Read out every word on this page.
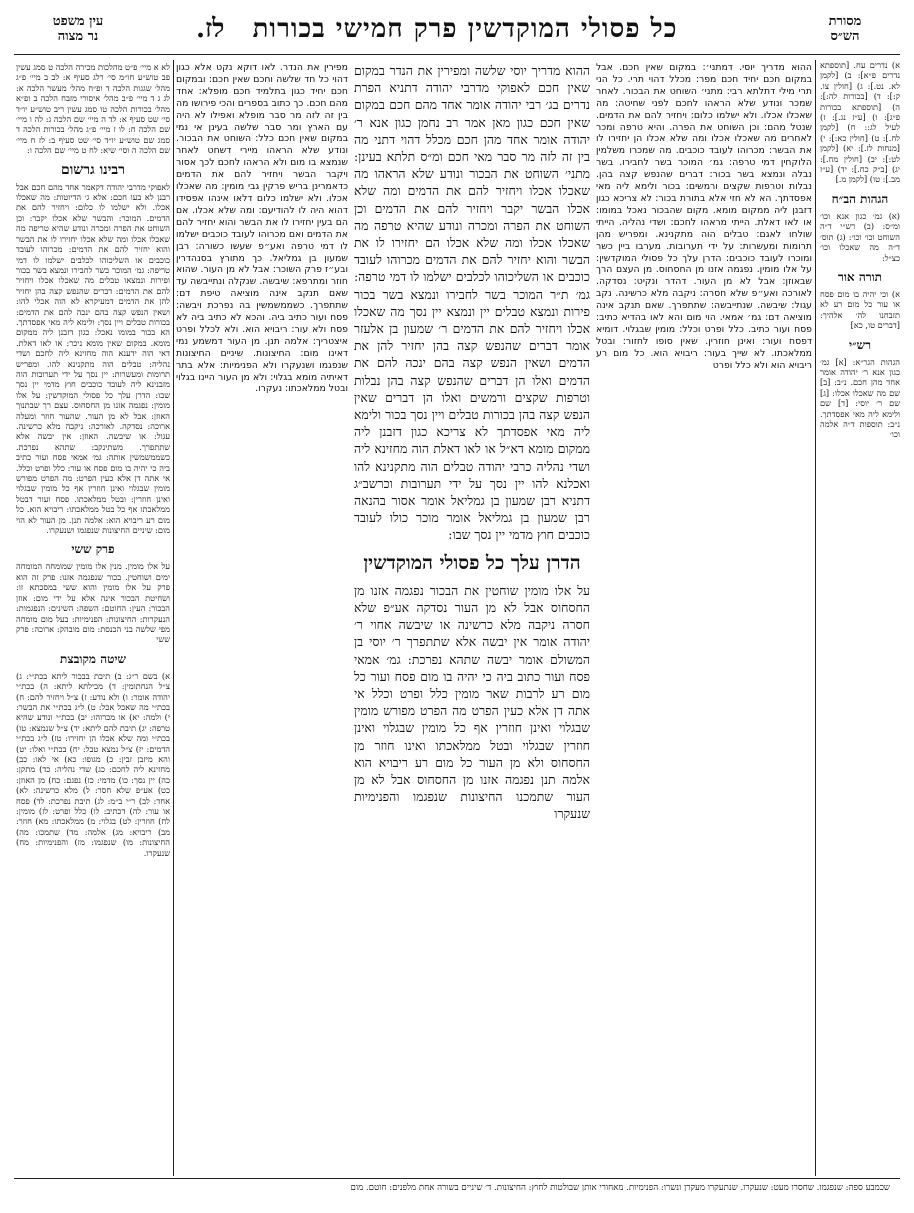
עין משפט
נר מצוה	לז.	כל פסולי המוקדשין פרק חמישי בכורות	מסורת
הש״ס

א) נדרים עח. [תוספתא נדרים פ״א]: ב) [לקמן לא. נט.]: ג) [חולין צו. ק:]: ד) [בכורות לה:]: ה) [תוספתא בכורות פ״ג]: ו) [ע״ז נג.]: ז) לעיל לג:: ח) [לקמן לח.]: ט) [חולין כא:]: י) [מנחות לז.]: יא) [לקמן לט:]: יב) [חולין מח.]: יג) [ב״ק כח.]: יד) [ע״ז מב.]: טו) [לקמן מ.]

הגהות הב״ח

(א) גמ׳ כגון אנא וכו׳ ומ״ס: (ב) רש״י ד״ה השוחט וכו׳ וכו׳: (ג) תוס׳ ד״ה מה שאכלו וכו׳ כצ״ל:

תורה אור

א) וכי יהיה בו מום פסח או עור כל מום רע לא תזבחנו לה׳ אלהיך: [דברים טו, כא]

רש״י

הגהות הגר״א: [א] גמ׳ כגון אנא ר׳ יהודה אומר אחד מהן חכם. נ״ב: [ב] שם מה שאכלו אכלו: [ג] שם ר׳ יוסי: [ד] שם ולימא ליה מאי אפסדתך. נ״ב: תוספות ד״ה אלמה וכו׳

ההוא מדריך יוסי. דמתני׳: במקום שאין חכם. אבל במקום חכם יחיד חכם מפר: מכלל דהוי תרי. כל הני תרי מילי דתלתא רבי: מתני׳ השוחט את הבכור. לאחר שמכר ונודע שלא הראהו לחכם לפני שחיטה: מה שאכלו אכלו. ולא ישלמו כלום: ויחזיר להם את הדמים. שנטל מהם: וכן השוחט את הפרה. והיא טרפה ומכר לאחרים מה שאכלו אכלו ומה שלא אכלו הן יחזירו לו את הבשר: מכרוהו לעובד כוכבים. מה שמכרו משלמין הלוקחין דמי טרפה: גמ׳ המוכר בשר לחבירו. בשר נבלה ונמצא בשר בכור: דברים שהנפש קצה בהן. נבלות וטרפות שקצים ורמשים: בכור ולימא ליה מאי אפסדתך. הא לא חזי אלא בתורת בכור: לא צריכא כגון דזבנן ליה ממקום מומא. מקום שהבכור נאכל במומו: או לאו דאלת. הייתי מראהו לחכם: ושדי נהליה. הייתי שולחו לאגם: טבלים הוה מתקנינא. ומפריש מהן תרומות ומעשרות: על ידי תערובות. מערבו ביין כשר ומוכרו לעובד כוכבים: הדרן עלך כל פסולי המוקדשין: על אלו מומין. נפגמה אזנו מן החסחוס. מן העצם הרך שבאוזן: אבל לא מן העור. דהדר ונקיט: נסדקה. לאורכה ואע״פ שלא חסרה: ניקבה מלא כרשינה. נקב עגול: שיבשה. שנתייבשה: שתתפרך. שאם תנקב אינה מוציאה דם: גמ׳ אמאי. הוי מום והא לאו בהדיא כתיב: פסח ועור כתיב. כלל ופרט וכלל: מומין שבגלוי. דומיא דפסח ועור: ואינן חוזרין. שאין סופו לחזור: ובטל ממלאכתו. לא שייך בעור: ריבויא הוא. כל מום רע ריבויא הוא ולא כלל ופרט

ההוא מדריך יוסי שלשה ומפירין את הנדר במקום שאין חכם לאפוקי מדרבי יהודה דתניא הפרת נדרים בג׳ רבי יהודה אומר אחד מהם חכם במקום שאין חכם כגון מאן אמר רב נחמן כגון אנא ר׳ יהודה אומר אחד מהן חכם מכלל דהוי דתני מה בין זה לזה מר סבר מאי חכם ומ״ס תלתא בעינן: מתני׳ השוחט את הבכור ונודע שלא הראהו מה שאכלו אכלו ויחזיר להם את הדמים ומה שלא אכלו הבשר יקבר ויחזיר להם את הדמים וכן השוחט את הפרה ומכרה ונודע שהיא טרפה מה שאכלו אכלו ומה שלא אכלו הם יחזירו לו את הבשר והוא יחזיר להם את הדמים מכרוהו לעובד כוכבים או השליכוהו לכלבים ישלמו לו דמי טרפה: גמ׳ ת״ר המוכר בשר לחבירו ונמצא בשר בכור פירות ונמצא טבלים יין ונמצא יין נסך מה שאכלו אכלו ויחזיר להם את הדמים ר׳ שמעון בן אלעזר אומר דברים שהנפש קצה בהן יחזיר להן את הדמים ושאין הנפש קצה בהם ינכה להם את הדמים ואלו הן דברים שהנפש קצה בהן נבלות וטרפות שקצים ורמשים ואלו הן דברים שאין הנפש קצה בהן בכורות טבלים ויין נסך בכור ולימא ליה מאי אפסדתך לא צריכא כגון דזבנן ליה ממקום מומא דא״ל או לאו דאלת הוה מחזינא ליה ושדי נהליה כרבי יהודה טבלים הוה מתקנינא להו ואכלנא להו יין נסך על ידי תערובות וכרשב״ג דתניא רבן שמעון בן גמליאל אומר אסור בהנאה רבן שמעון בן גמליאל אומר מוכר כולו לעובד כוכבים חוץ מדמי יין נסך שבו:

הדרן עלך כל פסולי המוקדשין

על אלו מומין שוחטין את הבכור נפגמה אזנו מן החסחוס אבל לא מן העור נסדקה אע״פ שלא חסרה ניקבה מלא כרשינה או שיבשה אחוי ר׳ יהודה אומר אין יבשה אלא שתתפרך ר׳ יוסי בן המשולם אומר יבשה שתהא נפרכת: גמ׳ אמאי פסח ועור כתוב ביה כי יהיה בו מום פסח ועור כל מום רע לרבות שאר מומין כלל ופרט וכלל אי אתה דן אלא כעין הפרט מה הפרט מפורש מומין שבגלוי ואינן חוזרין אף כל מומין שבגלוי ואינן חוזרין שבגלוי ובטל ממלאכתו ואינו חוזר מן החסחוס ולא מן העור כל מום רע ריבויא הוא אלמה תנן נפגמה אזנו מן החסחוס אבל לא מן העור שתמכנו החיצונות שנפגמו והפנימיות שנעקרו

מפירין את הנדר. לאו דוקא נקט אלא כגון דהוי כל חד שלשה וחכם שאין חכם: ובמקום חכם יחיד כגון בתלמיד חכם מופלא: אחד מהם חכם. כך כתוב בספרים והכי פירושו מה בין זה לזה מר סבר מופלא ואפילו לא היה עם הארץ ומר סבר שלשה בעינן אי נמי במקום שאין חכם כלל: השוחט את הבכור. ונודע שלא הראהו מיירי דשחט לאחר שנמצא בו מום ולא הראהו לחכם לכך אסור ויקבר הבשר ויחזיר להם את הדמים כדאמרינן בריש פרקין גבי מומין: מה שאכלו אכלו. ולא ישלמו כלום דלאו אינהו אפסידו דהוא היה לו להודיעם: ומה שלא אכלו. אם הם בעין יחזירו לו את הבשר והוא יחזיר להם את הדמים ואם מכרוהו לעובד כוכבים ישלמו לו דמי טרפה ואע״פ שעשו כשורה: רבן שמעון בן גמליאל. כך מתורץ בסנהדרין ובע״ז פרק השוכר: אבל לא מן העור. שהוא חוזר ומתרפא: שיבשה. שנקלה ונתייבשה עד שאם תנקב אינה מוציאה טיפת דם: שתתפרך. כשממשמשין בה נפרכת ויבשה: פסח ועור כתיב ביה. והכא לא כתיב ביה לא פסח ולא עור: ריבויא הוא. ולא לכלל ופרט איצטריך: אלמה תנן. מן העור דמשמע נמי דאינו מום: החיצונות. שיניים החיצונות שנפגמו ושנעקרו ולא הפנימיות: אלא בתר דאיתיה מומא בגלוי: ולא מן העור היינו בגלוי ובטל ממלאכתו: נעקרו.

לא א מיי׳ פ״ט מהלכות מכירה הלכה ט סמג עשין פב טוש״ע חו״מ סי׳ רלג סעיף א: לב ב מיי׳ פ״ג מהל׳ שגגות הלכה ד ופ״ח מהל׳ מעשר הלכה א: לג ג ד מיי׳ פ״ב מהל׳ איסורי מזבח הלכה ב ופ״א מהל׳ בכורות הלכה טו סמג עשין ריב טוש״ע יו״ד סי׳ שט סעיף א: לד ה מיי׳ שם הלכה ג: לה ו מיי׳ שם הלכה ח: לו ז מיי׳ פ״ג מהל׳ בכורות הלכה ד סמג שם טוש״ע יו״ד סי׳ שט סעיף ב: לז ח מיי׳ שם הלכה ה וסי׳ שיא: לח ט מיי׳ שם הלכה ו:

רבינו גרשום

לאפוקי מדרבי יהודה דקאמר אחד מהם חכם אבל רבנן לא בעו חכם: אלא ג׳ הדיוטות: מה שאכלו אכלו. ולא ישלמו לו כלום: ויחזיר להם את הדמים. המוכר: והבשר שלא אכלו יקבר: וכן השוחט את הפרה ומכרה ונודע שהיא טריפה מה שאכלו אכלו ומה שלא אכלו יחזירו לו את הבשר והוא יחזיר להם את הדמים: מכרוהו לעובד כוכבים או השליכוהו לכלבים ישלמו לו דמי טריפה: גמ׳ המוכר בשר לחבירו ונמצא בשר בכור ופירות ונמצאו טבלים מה שאכלו אכלו ויחזיר להם את הדמים: דברים שהנפש קצה בהן יחזיר להן את הדמים דמעיקרא לא הוה אכלי להו: ושאין הנפש קצה בהם ינכה להם את הדמים: בכורות טבלים ויין נסך: ולימא ליה מאי אפסדתך. הא בכור במומו נאכל: כגון דזבנן ליה ממקום מומא. במקום שאין מומא ניכר: או לאו דאלת. דאי הוה ידענא הוה מחזינא ליה לחכם ושדי נהליה: טבלים הוה מתקנינא להו. ומפריש תרומות ומעשרות: יין נסך על ידי תערובות הוה מזבנינא ליה לעובד כוכבים חוץ מדמי יין נסך שבו: הדרן עלך כל פסולי המוקדשין: על אלו מומין: נפגמה אזנו מן החסחוס. עצם רך שבתנוך האוזן: אבל לא מן העור. שהעור חוזר ומעלה ארוכה: נסדקה. לאורכה: ניקבה מלא כרשינה. עגול: או שיבשה. האוזן: אין יבשה אלא שתתפרך. משתינקב: שתהא נפרכת. כשממשמשין אותה: גמ׳ אמאי פסח ועור כתיב ביה כי יהיה בו מום פסח או עור: כלל ופרט וכלל. אי אתה דן אלא כעין הפרט: מה הפרט מפורש מומין שבגלוי ואינן חוזרין אף כל מומין שבגלוי ואינן חוזרין: ובטל ממלאכתו. פסח ועור דבטל ממלאכתו אף כל בטל ממלאכתו: ריבויא הוא. כל מום רע ריבויא הוא: אלמה תנן. מן העור לא הוי מום: שיניים החיצונות שנפגמו ושנעקרו.

פרק ששי

על אלו מומין. מנין אלו מומין שמומחה המומחה ימים ושוחטין. בכור שנפגמה אזנו: פרק זה הוא פרק על אלו מומין והוא ששי במסכתא זו: ושחיטת הבכור אינה אלא על ידי מום: אוזן הבכור: העין: החוטם: השפה: השינים: הנפגמות: הנעקרות: החיצונות: הפנימיות: בעל מום מומחה מפי שלשה בני הכנסת: מום מובהק: ארוכה: פרק ששי

שיטה מקובצת

א) בשם ר״ג: ב) תיבת בבכור ליתא בכת״י: ג) צ״ל הנחתומין: ד) מכילתא ליתא: ה) בכת״י יהודה אומר: ו) ולא נודע: ז) צ״ל ויחזיר להם: ח) בכת״י מה שאכל אכל: ט) ל״ג בכת״י את הבשר: י) ולמה: יא) או מכרוהו: יב) בכת״י ונודע שהיא טרפה: יג) תיבת להם ליתא: יד) צ״ל שנמצא: טו) בכת״י ומה שלא אכלו הן יחזירו: טז) ל״ג בכת״י הדמים: יז) צ״ל נמצא טבל: יח) בכת״י ואלו: יט) והא מיזבן זבין: כ) מגופו: כא) אי לאו: כב) מחזינא ליה לחכם: כג) שדי נהליה: כד) מתקן: כה) יין נסך: כו) מדמי: כז) נפגם: כח) מן האוזן: כט) אע״פ שלא חסר: ל) מלא כרשינה: לא) אחד: לב) ר״י ב״מ: לג) תיבת נפרכת: לד) פסח או עור: לה) דכתיב: לו) כלל ופרט: לז) מומין: לח) חוזרין: לט) בגלוי: מ) ממלאכתו: מא) חוזר: מב) ריבויא: מג) אלמה: מד) שתמכו: מה) החיצונות: מו) שנפגמו: מז) והפנימיות: מח) שנעקרו.

שכמבע ספה: שנפגמו. שחסרו מעט: שנעקרו. שנתעקרו מעקרן ונשרו: הפנימיות. מאחורי אותן שבולטות לחוץ: החיצונות. ד׳ שיניים בשורה אחת מלפנים: חוטם. מום
